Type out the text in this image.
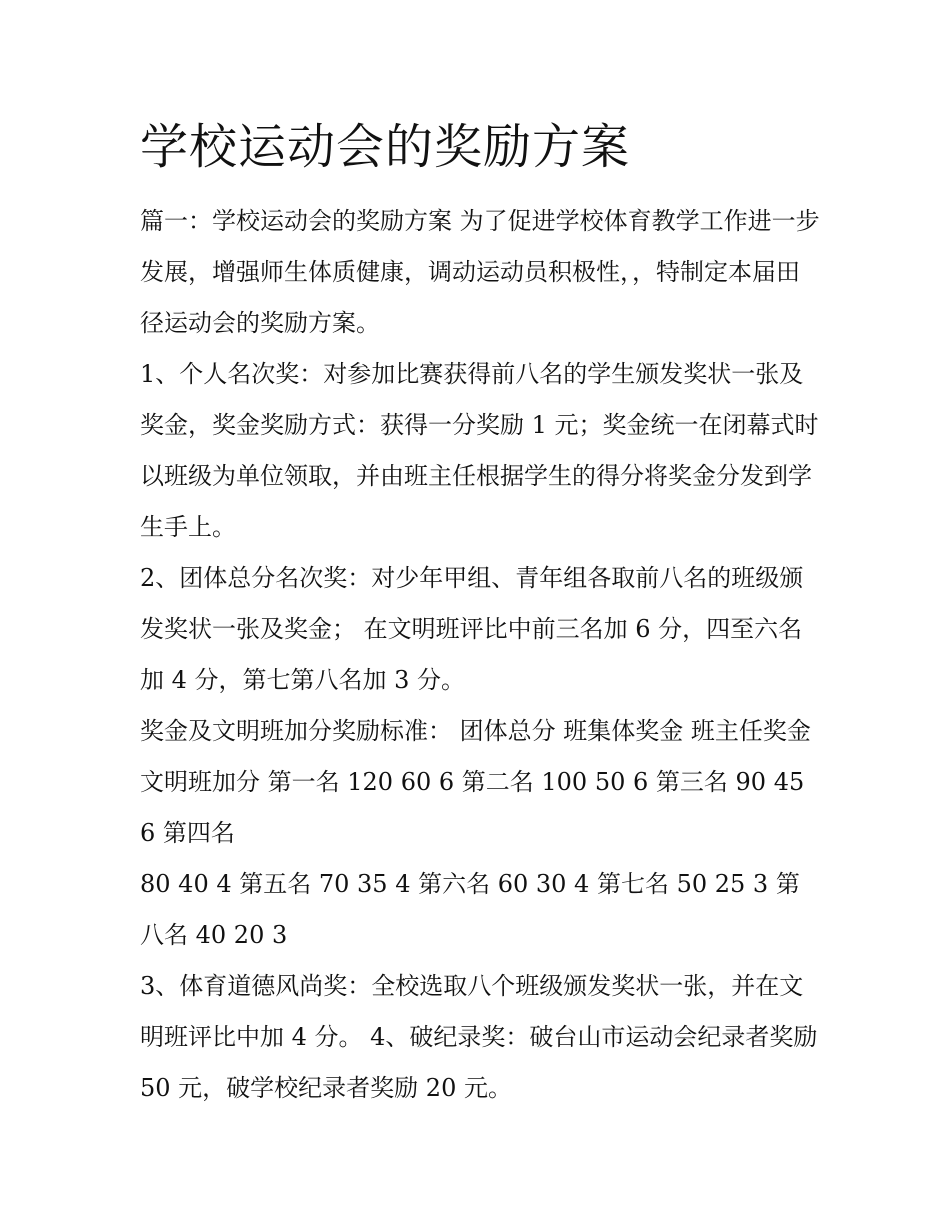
学校运动会的奖励方案

篇一：学校运动会的奖励方案 为了促进学校体育教学工作进一步发展，增强师生体质健康，调动运动员积极性，，特制定本届田径运动会的奖励方案。

1、个人名次奖：对参加比赛获得前八名的学生颁发奖状一张及奖金，奖金奖励方式：获得一分奖励 1 元；奖金统一在闭幕式时以班级为单位领取，并由班主任根据学生的得分将奖金分发到学生手上。

2、团体总分名次奖：对少年甲组、青年组各取前八名的班级颁发奖状一张及奖金； 在文明班评比中前三名加 6 分，四至六名加 4 分，第七第八名加 3 分。

奖金及文明班加分奖励标准： 团体总分 班集体奖金 班主任奖金 文明班加分 第一名 120 60 6 第二名 100 50 6 第三名 90 45 6 第四名

80 40 4 第五名 70 35 4 第六名 60 30 4 第七名 50 25 3 第八名 40 20 3

3、体育道德风尚奖：全校选取八个班级颁发奖状一张，并在文明班评比中加 4 分。 4、破纪录奖：破台山市运动会纪录者奖励 50 元，破学校纪录者奖励 20 元。
